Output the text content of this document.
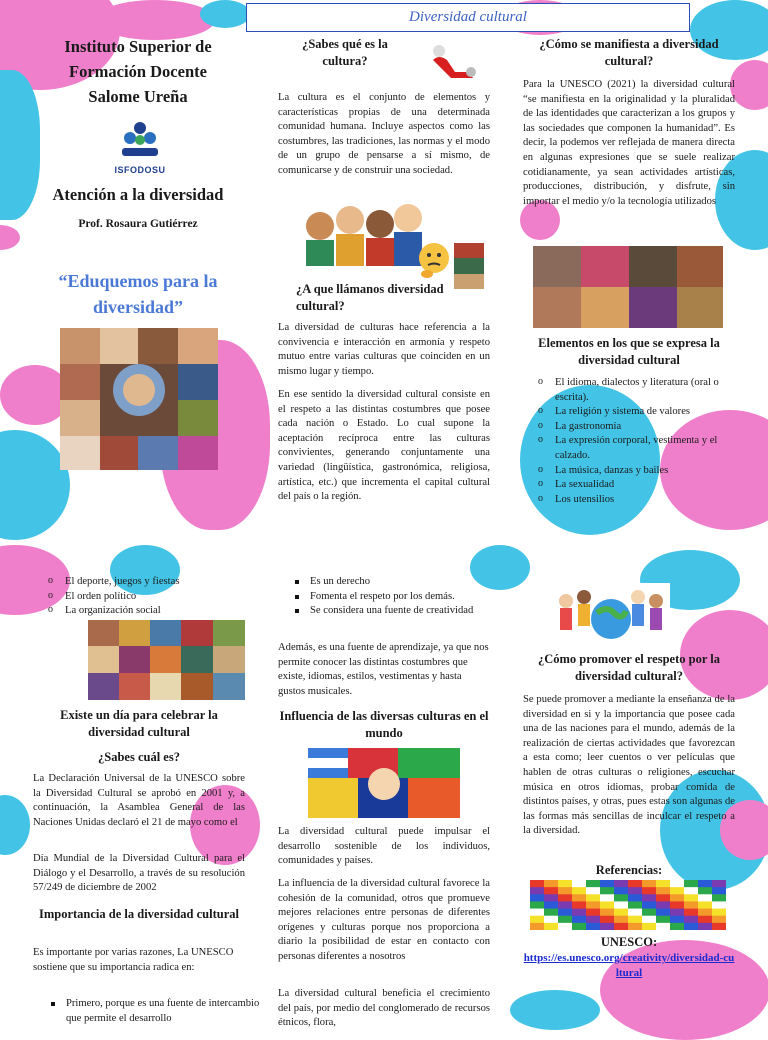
Diversidad cultural
Instituto Superior de
Formación Docente
Salome Ureña
ISFODOSU
Atención a la diversidad
Prof. Rosaura Gutiérrez
“Eduquemos para la
diversidad”
¿Sabes qué es la cultura?
La cultura es el conjunto de elementos y características propias de una determinada comunidad humana. Incluye aspectos como las costumbres, las tradiciones, las normas y el modo de un grupo de pensarse a sí mismo, de comunicarse y de construir una sociedad.
¿A que llámanos diversidad cultural?
La diversidad de culturas hace referencia a la convivencia e interacción en armonía y respeto mutuo entre varias culturas que coinciden en un mismo lugar y tiempo.
En ese sentido la diversidad cultural consiste en el respeto a las distintas costumbres que posee cada nación o Estado. Lo cual supone la aceptación recíproca entre las culturas convivientes, generando conjuntamente una variedad (lingüística, gastronómica, religiosa, artística, etc.) que incrementa el capital cultural del país o la región.
¿Cómo se manifiesta a diversidad cultural?
Para la UNESCO (2021) la diversidad cultural “se manifiesta en la originalidad y la pluralidad de las identidades que caracterizan a los grupos y las sociedades que componen la humanidad”. Es decir, la podemos ver reflejada de manera directa en algunas expresiones que se suele realizar cotidianamente, ya sean actividades artísticas, producciones, distribución, y disfrute, sin importar el medio y/o la tecnología utilizados
Elementos en los que se expresa la diversidad cultural
o El idioma, dialectos y literatura (oral o escrita).
o La religión y sistema de valores
o La gastronomía
o La expresión corporal, vestimenta y el calzado.
o La música, danzas y bailes
o La sexualidad
o Los utensilios
o El deporte, juegos y fiestas
o El orden político
o La organización social
Existe un día para celebrar la diversidad cultural
¿Sabes cuál es?
La Declaración Universal de la UNESCO sobre la Diversidad Cultural se aprobó en 2001 y, a continuación, la Asamblea General de las Naciones Unidas declaró el 21 de mayo como el
Día Mundial de la Diversidad Cultural para el Diálogo y el Desarrollo, a través de su resolución 57/249 de diciembre de 2002
Importancia de la diversidad cultural
Es importante por varias razones, La UNESCO sostiene que su importancia radica en:
Primero, porque es una fuente de intercambio que permite el desarrollo
Es un derecho
Fomenta el respeto por los demás.
Se considera una fuente de creatividad
Además, es una fuente de aprendizaje, ya que nos permite conocer las distintas costumbres que existe, idiomas, estilos, vestimentas y hasta gustos musicales.
Influencia de las diversas culturas en el mundo
La diversidad cultural puede impulsar el desarrollo sostenible de los individuos, comunidades y países.
La influencia de la diversidad cultural favorece la cohesión de la comunidad, otros que promueve mejores relaciones entre personas de diferentes orígenes y culturas porque nos proporciona a diario la posibilidad de estar en contacto con personas diferentes a nosotros
La diversidad cultural beneficia el crecimiento del país, por medio del conglomerado de recursos étnicos, flora,
¿Cómo promover el respeto por la diversidad cultural?
Se puede promover a mediante la enseñanza de la diversidad en si y la importancia que posee cada una de las naciones para el mundo, además de la realización de ciertas actividades que favorezcan a esta como; leer cuentos o ver películas que hablen de otras culturas o religiones, escuchar música en otros idiomas, probar comida de distintos países, y otras, pues estas son algunas de las formas más sencillas de inculcar el respeto a la diversidad.
Referencias:
UNESCO:
https://es.unesco.org/creativity/diversidad-cultural
